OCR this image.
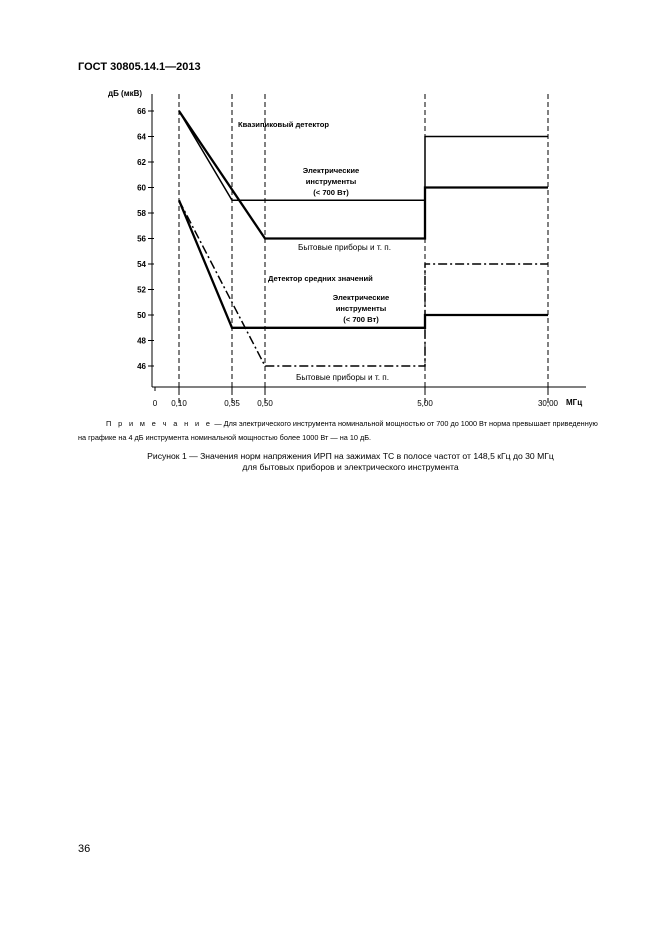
ГОСТ 30805.14.1—2013
46
48
50
52
54
56
58
60
62
64
66
0 0,10	0,35 0,50	5,00	30,00
дБ (мкВ)
МГц
Квазипиковый детектор
Электрические
инструменты
(< 700 Вт)
Бытовые приборы и т. п.
Детектор средних значений
Электрические
инструменты
(< 700 Вт)
Бытовые приборы и т. п.
П р и м е ч а н и е — Для электрического инструмента номинальной мощностью от 700 до 1000 Вт норма превышает приведенную на графике на 4 дБ инструмента номинальной мощностью более 1000 Вт — на 10 дБ.
Рисунок 1 — Значения норм напряжения ИРП на зажимах ТС в полосе частот от 148,5 кГц до 30 МГц
для бытовых приборов и электрического инструмента
36
